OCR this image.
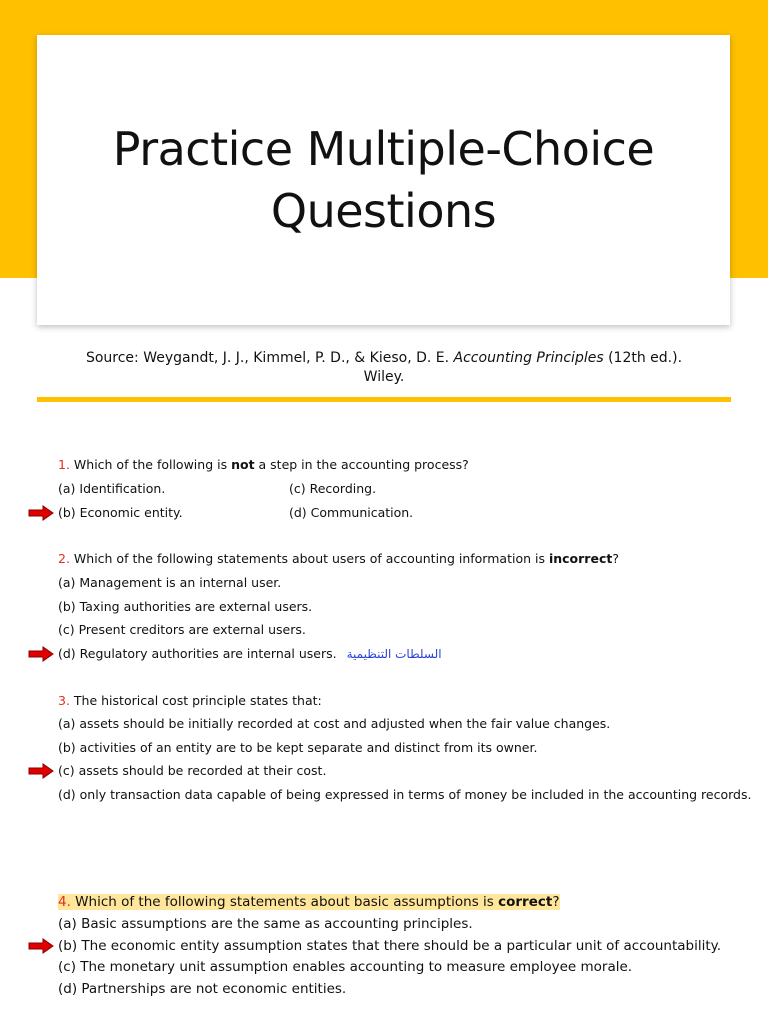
Practice Multiple-Choice
Questions
Source: Weygandt, J. J., Kimmel, P. D., & Kieso, D. E. Accounting Principles (12th ed.).
Wiley.
1. Which of the following is not a step in the accounting process?
(a) Identification.	(c) Recording.
(b) Economic entity.	(d) Communication.
2. Which of the following statements about users of accounting information is incorrect?
(a) Management is an internal user.
(b) Taxing authorities are external users.
(c) Present creditors are external users.
(d) Regulatory authorities are internal users. السلطات التنظيمية
3. The historical cost principle states that:
(a) assets should be initially recorded at cost and adjusted when the fair value changes.
(b) activities of an entity are to be kept separate and distinct from its owner.
(c) assets should be recorded at their cost.
(d) only transaction data capable of being expressed in terms of money be included in the accounting records.
4. Which of the following statements about basic assumptions is correct?
(a) Basic assumptions are the same as accounting principles.
(b) The economic entity assumption states that there should be a particular unit of accountability.
(c) The monetary unit assumption enables accounting to measure employee morale.
(d) Partnerships are not economic entities.
